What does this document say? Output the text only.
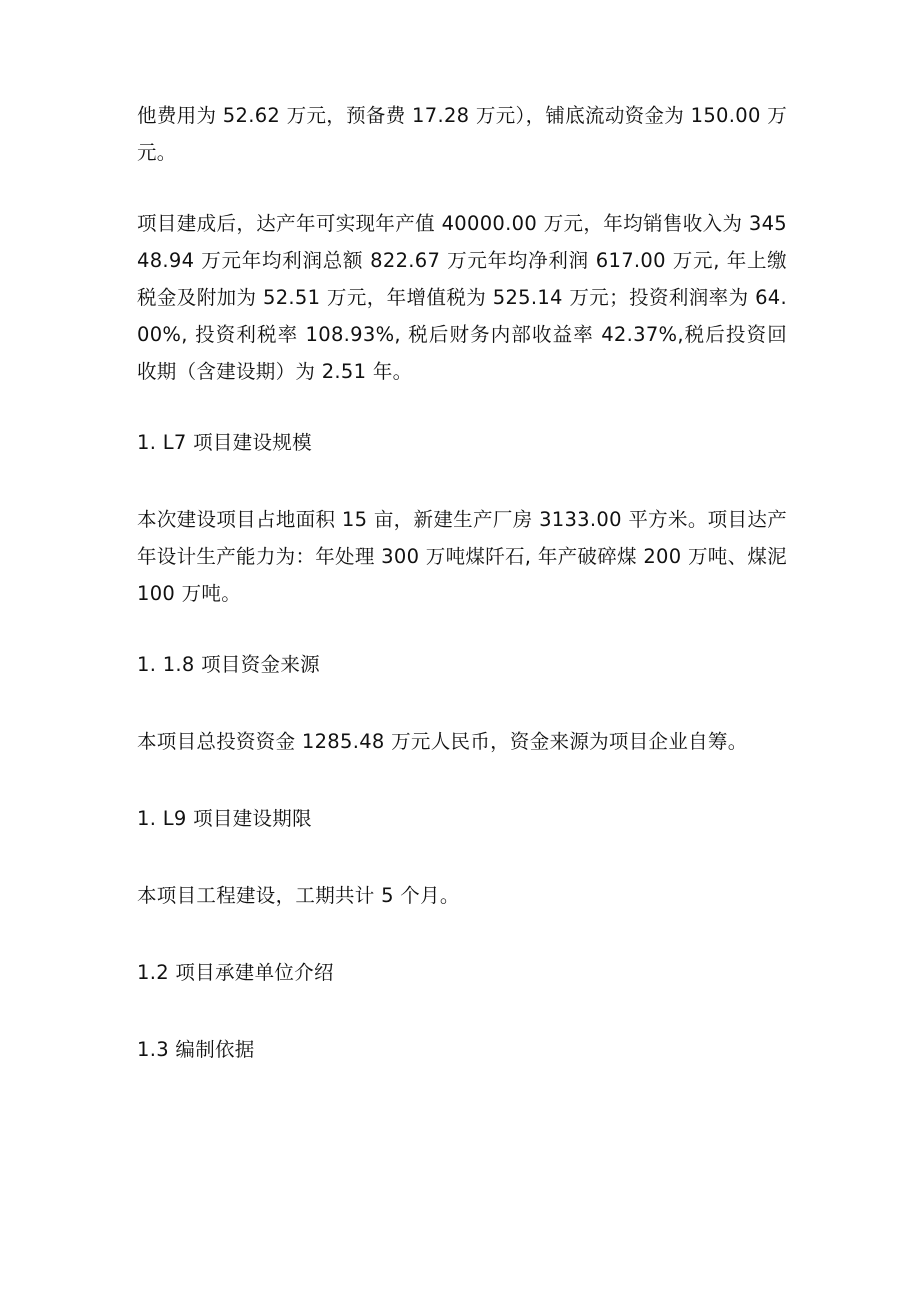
他费用为 52.62 万元，预备费 17.28 万元），铺底流动资金为 150.00 万元。

项目建成后，达产年可实现年产值 40000.00 万元，年均销售收入为 34548.94 万元年均利润总额 822.67 万元年均净利润 617.00 万元, 年上缴税金及附加为 52.51 万元，年增值税为 525.14 万元；投资利润率为 64.00%, 投资利税率 108.93%, 税后财务内部收益率 42.37%,税后投资回收期（含建设期）为 2.51 年。

1. L7 项目建设规模

本次建设项目占地面积 15 亩，新建生产厂房 3133.00 平方米。项目达产年设计生产能力为：年处理 300 万吨煤阡石, 年产破碎煤 200 万吨、煤泥 100 万吨。

1. 1.8 项目资金来源

本项目总投资资金 1285.48 万元人民币，资金来源为项目企业自筹。

1. L9 项目建设期限

本项目工程建设，工期共计 5 个月。

1.2 项目承建单位介绍

1.3 编制依据
